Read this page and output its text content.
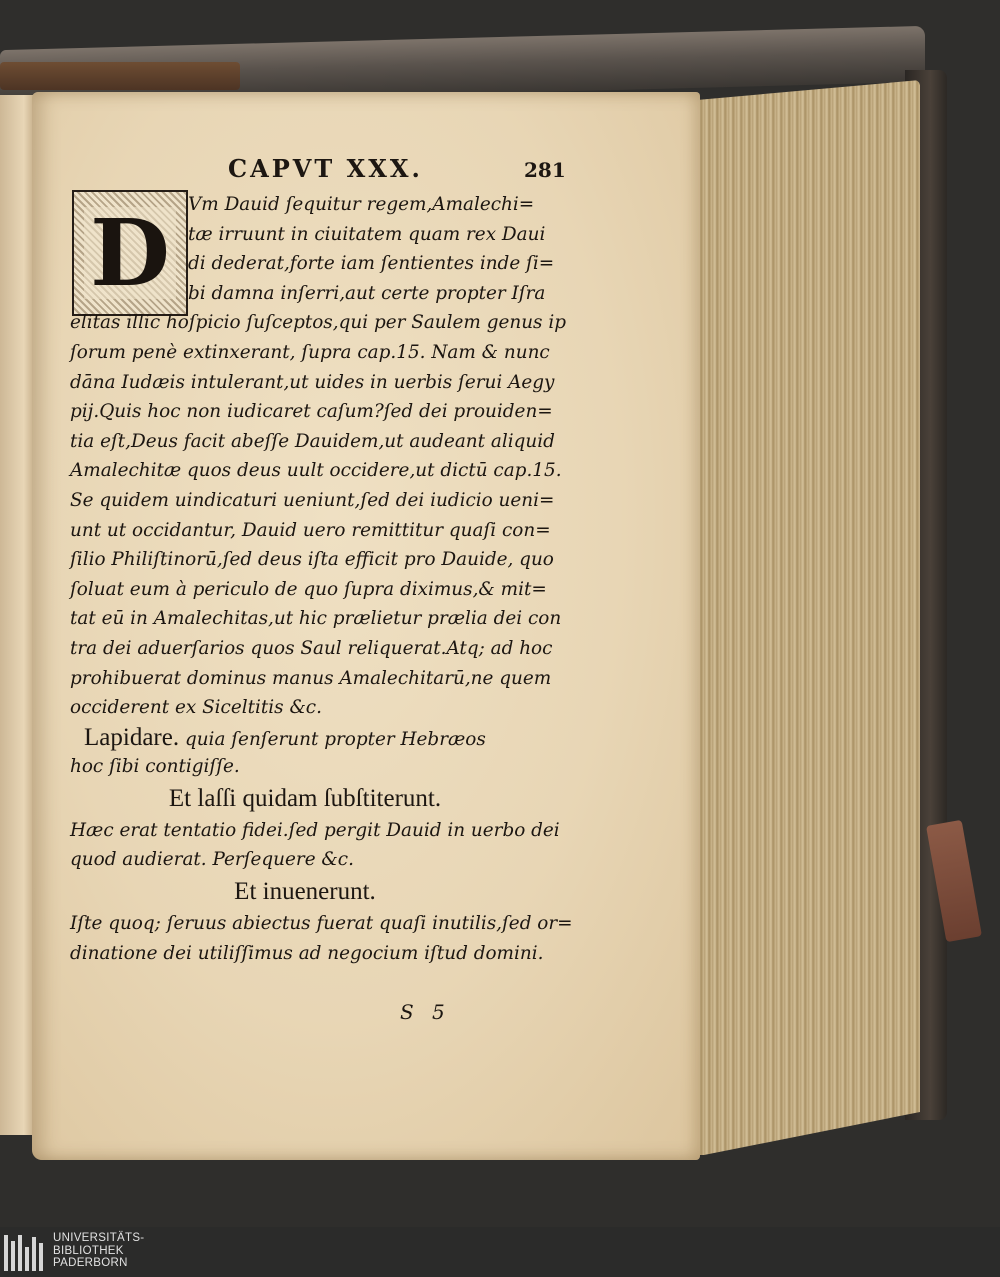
CAPVT XXX.	281
D Vm Dauid ſequitur regem,Amalechi=
tæ irruunt in ciuitatem quam rex Daui
di dederat,forte iam ſentientes inde ſi=
bi damna inſerri,aut certe propter Iſra
elitas illic hoſpicio ſuſceptos,qui per Saulem genus ip
ſorum penè extinxerant, ſupra cap.15. Nam & nunc
dāna Iudæis intulerant,ut uides in uerbis ſerui Aegy
pij.Quis hoc non iudicaret caſum?ſed dei prouiden=
tia eſt,Deus facit abeſſe Dauidem,ut audeant aliquid
Amalechitæ quos deus uult occidere,ut dictū cap.15.
Se quidem uindicaturi ueniunt,ſed dei iudicio ueni=
unt ut occidantur, Dauid uero remittitur quaſi con=
ſilio Philiſtinorū,ſed deus iſta efficit pro Dauide, quo
ſoluat eum à periculo de quo ſupra diximus,& mit=
tat eū in Amalechitas,ut hic prælietur prælia dei con
tra dei aduerſarios quos Saul reliquerat.Atq; ad hoc
prohibuerat dominus manus Amalechitarū,ne quem
occiderent ex Siceltitis &c.
Lapidare. quia ſenſerunt propter Hebræos
hoc ſibi contigiſſe.
Et laſſi quidam ſubſtiterunt.
Hæc erat tentatio fidei.ſed pergit Dauid in uerbo dei
quod audierat. Perſequere &c.
Et inuenerunt.
Iſte quoq; ſeruus abiectus fuerat quaſi inutilis,ſed or=
dinatione dei utiliſſimus ad negocium iſtud domini.
S 5
UNIVERSITÄTS-
BIBLIOTHEK
PADERBORN
